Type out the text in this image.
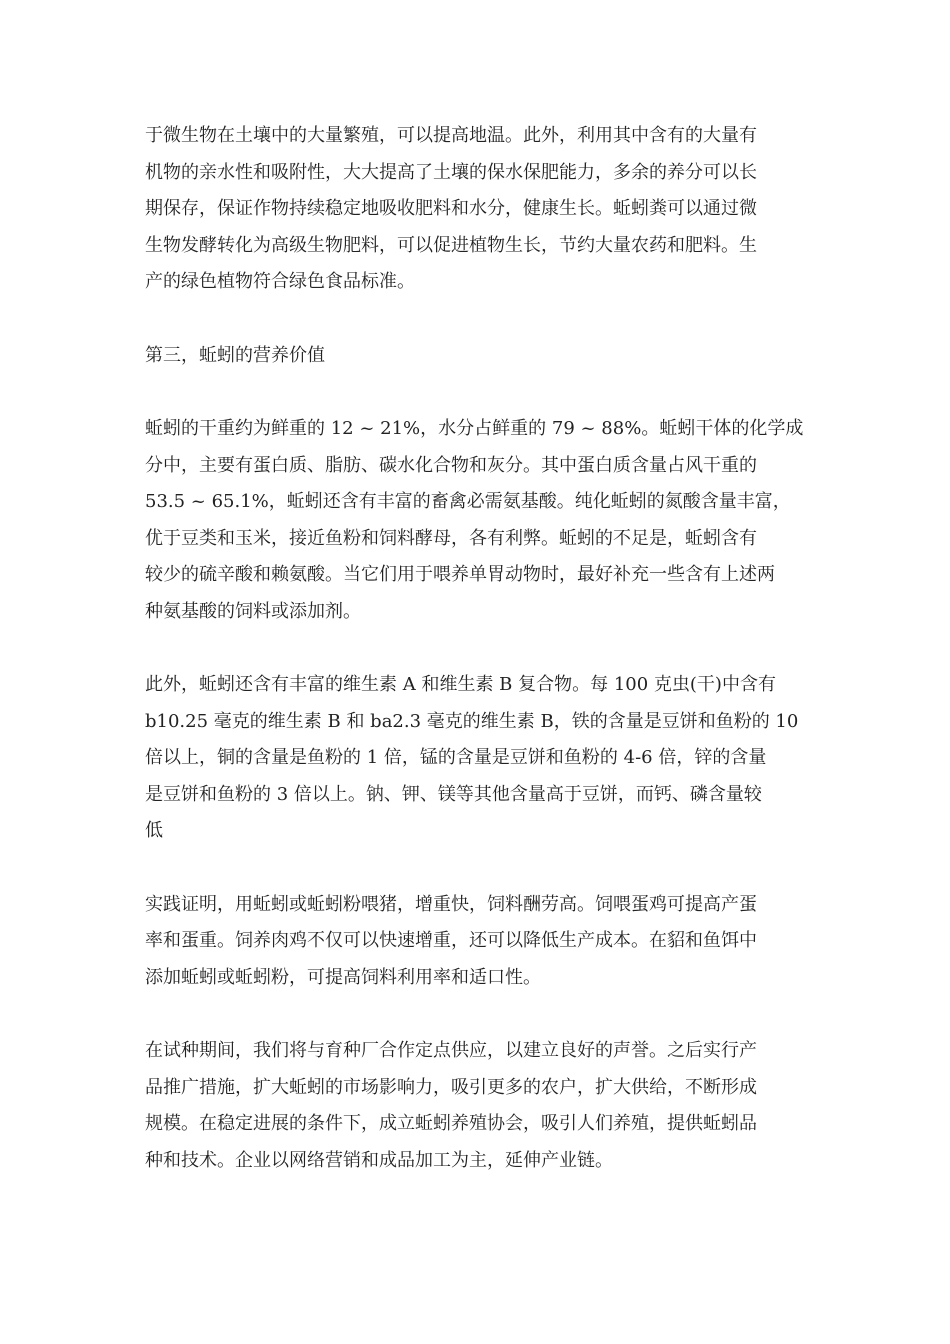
于微生物在土壤中的大量繁殖，可以提高地温。此外，利用其中含有的大量有
机物的亲水性和吸附性，大大提高了土壤的保水保肥能力，多余的养分可以长
期保存，保证作物持续稳定地吸收肥料和水分，健康生长。蚯蚓粪可以通过微
生物发酵转化为高级生物肥料，可以促进植物生长，节约大量农药和肥料。生
产的绿色植物符合绿色食品标准。

第三，蚯蚓的营养价值

蚯蚓的干重约为鲜重的 12 ~ 21%，水分占鲜重的 79 ~ 88%。蚯蚓干体的化学成
分中，主要有蛋白质、脂肪、碳水化合物和灰分。其中蛋白质含量占风干重的
53.5 ~ 65.1%，蚯蚓还含有丰富的畜禽必需氨基酸。纯化蚯蚓的氮酸含量丰富，
优于豆类和玉米，接近鱼粉和饲料酵母，各有利弊。蚯蚓的不足是，蚯蚓含有
较少的硫辛酸和赖氨酸。当它们用于喂养单胃动物时，最好补充一些含有上述两
种氨基酸的饲料或添加剂。

此外，蚯蚓还含有丰富的维生素 A 和维生素 B 复合物。每 100 克虫(干)中含有
b10.25 毫克的维生素 B 和 ba2.3 毫克的维生素 B，铁的含量是豆饼和鱼粉的 10
倍以上，铜的含量是鱼粉的 1 倍，锰的含量是豆饼和鱼粉的 4-6 倍，锌的含量
是豆饼和鱼粉的 3 倍以上。钠、钾、镁等其他含量高于豆饼，而钙、磷含量较
低

实践证明，用蚯蚓或蚯蚓粉喂猪，增重快，饲料酬劳高。饲喂蛋鸡可提高产蛋
率和蛋重。饲养肉鸡不仅可以快速增重，还可以降低生产成本。在貂和鱼饵中
添加蚯蚓或蚯蚓粉，可提高饲料利用率和适口性。

在试种期间，我们将与育种厂合作定点供应，以建立良好的声誉。之后实行产
品推广措施，扩大蚯蚓的市场影响力，吸引更多的农户，扩大供给，不断形成
规模。在稳定进展的条件下，成立蚯蚓养殖协会，吸引人们养殖，提供蚯蚓品
种和技术。企业以网络营销和成品加工为主，延伸产业链。
